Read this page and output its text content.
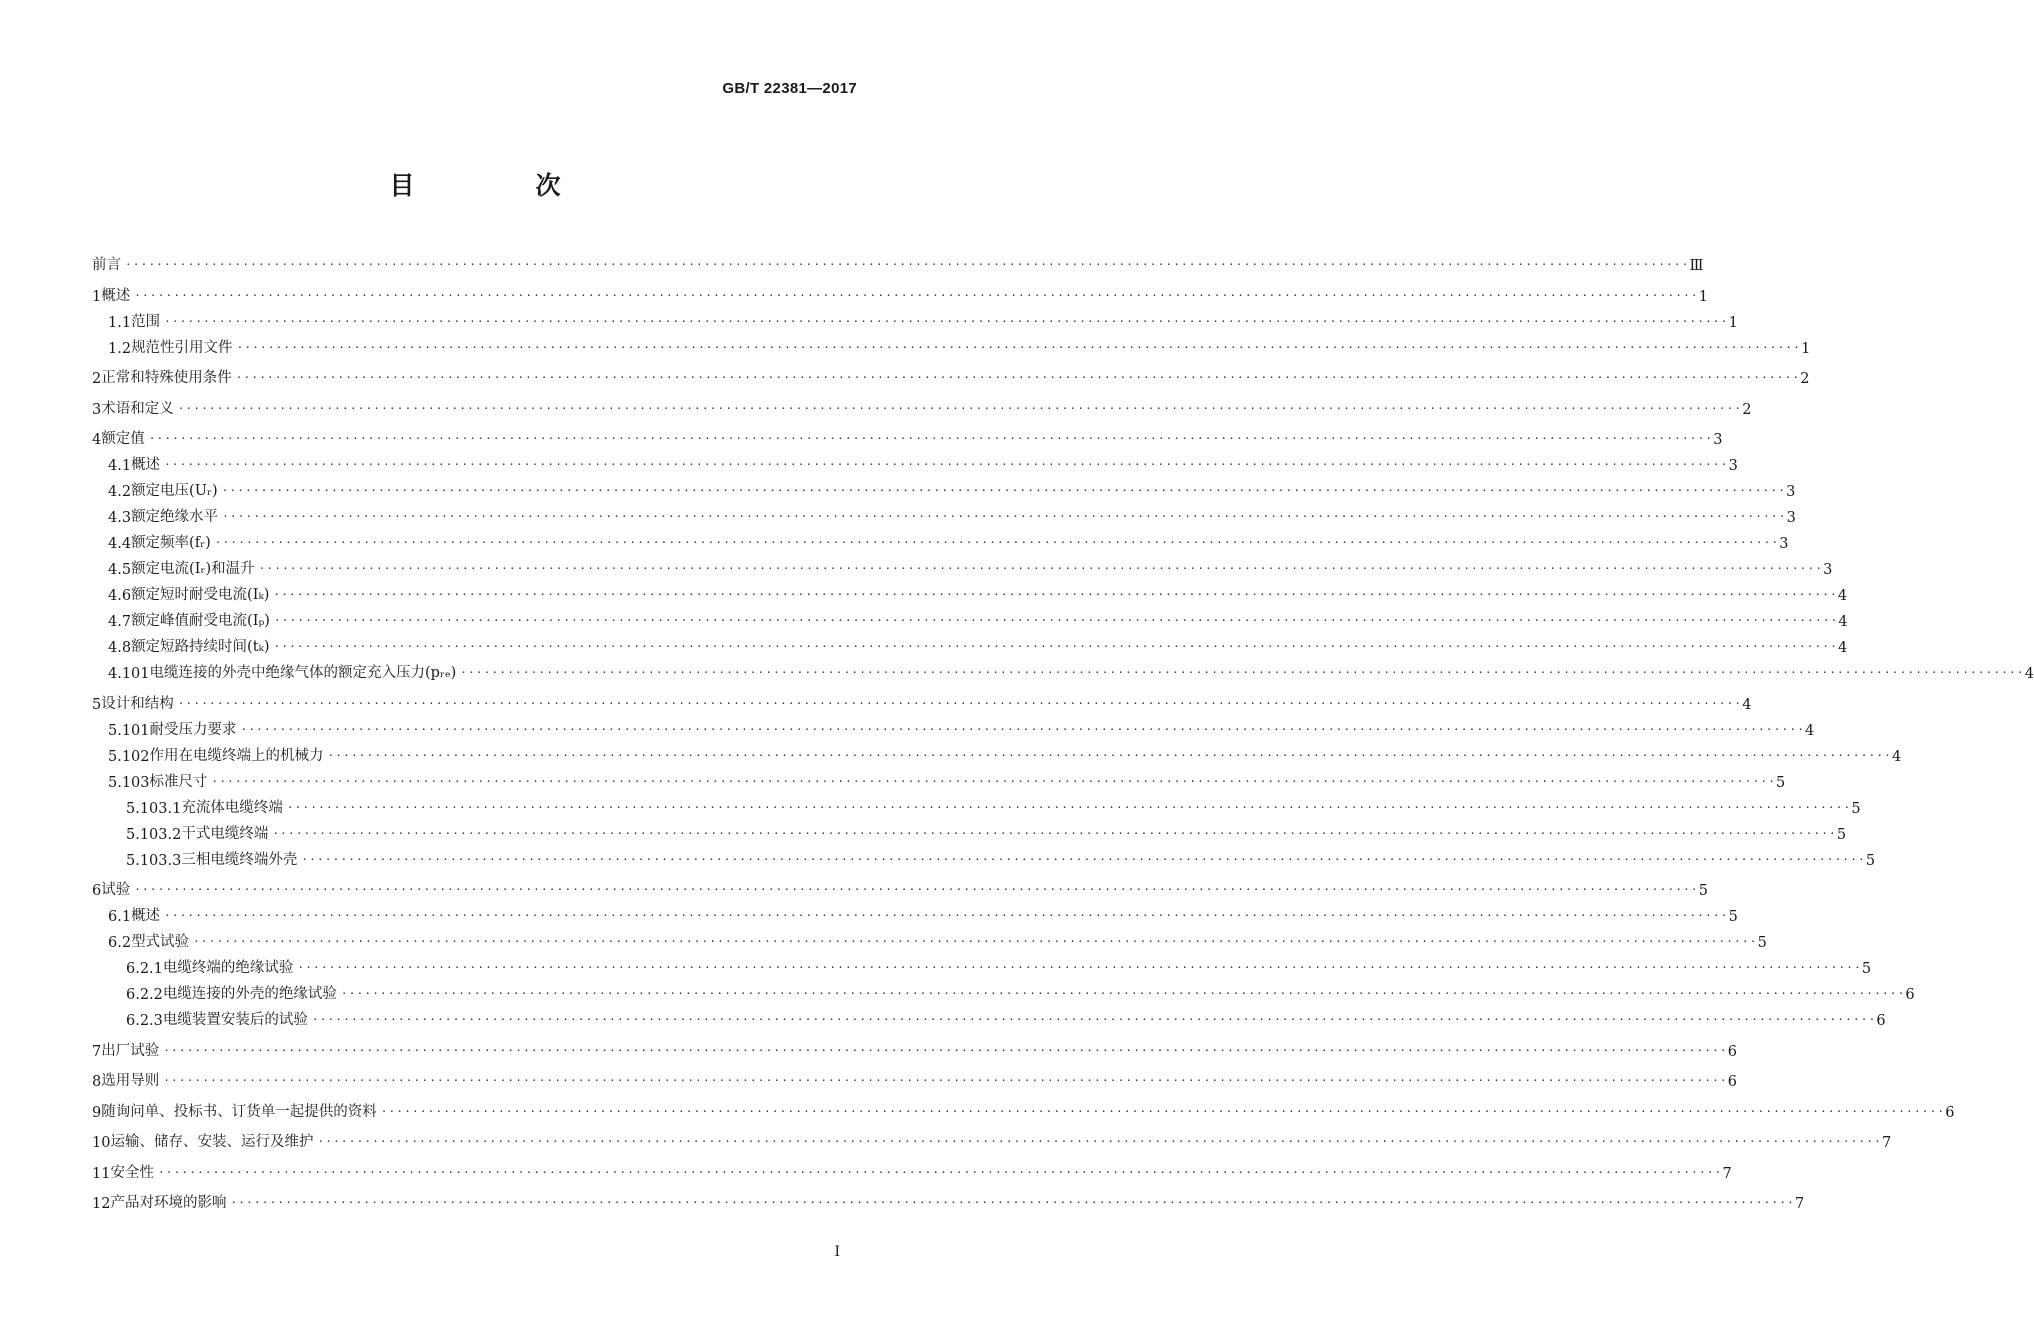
GB/T 22381—2017
目　次
前言 ········································································································································································································ Ⅲ
1 概述 ········································································································································································································ 1
1.1 范围 ········································································································································································································ 1
1.2 规范性引用文件 ········································································································································································································ 1
2 正常和特殊使用条件 ········································································································································································································ 2
3 术语和定义 ········································································································································································································ 2
4 额定值 ········································································································································································································ 3
4.1 概述 ········································································································································································································ 3
4.2 额定电压(Uᵣ) ········································································································································································································ 3
4.3 额定绝缘水平 ········································································································································································································ 3
4.4 额定频率(fᵣ) ········································································································································································································ 3
4.5 额定电流(Iᵣ)和温升 ········································································································································································································ 3
4.6 额定短时耐受电流(Iₖ) ········································································································································································································ 4
4.7 额定峰值耐受电流(Iₚ) ········································································································································································································ 4
4.8 额定短路持续时间(tₖ) ········································································································································································································ 4
4.101 电缆连接的外壳中绝缘气体的额定充入压力(pᵣₑ) ········································································································································································································ 4
5 设计和结构 ········································································································································································································ 4
5.101 耐受压力要求 ········································································································································································································ 4
5.102 作用在电缆终端上的机械力 ········································································································································································································ 4
5.103 标准尺寸 ········································································································································································································ 5
5.103.1 充流体电缆终端 ········································································································································································································ 5
5.103.2 干式电缆终端 ········································································································································································································ 5
5.103.3 三相电缆终端外壳 ········································································································································································································ 5
6 试验 ········································································································································································································ 5
6.1 概述 ········································································································································································································ 5
6.2 型式试验 ········································································································································································································ 5
6.2.1 电缆终端的绝缘试验 ········································································································································································································ 5
6.2.2 电缆连接的外壳的绝缘试验 ········································································································································································································ 6
6.2.3 电缆装置安装后的试验 ········································································································································································································ 6
7 出厂试验 ········································································································································································································ 6
8 选用导则 ········································································································································································································ 6
9 随询问单、投标书、订货单一起提供的资料 ········································································································································································································ 6
10 运输、储存、安装、运行及维护 ········································································································································································································ 7
11 安全性 ········································································································································································································ 7
12 产品对环境的影响 ········································································································································································································ 7
I
